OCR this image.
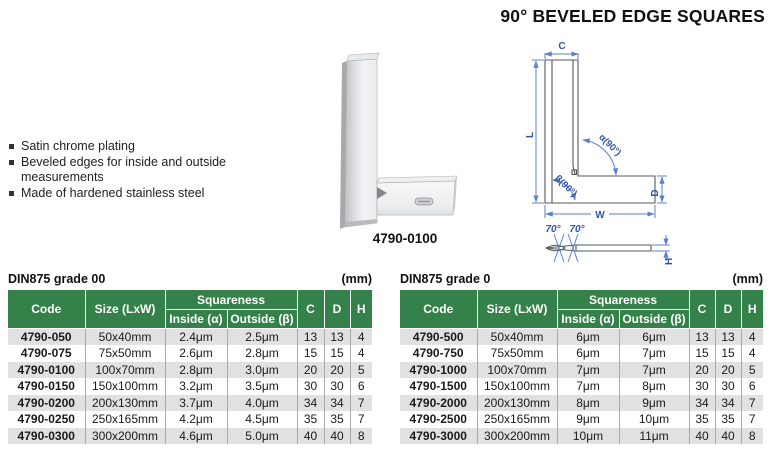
90° BEVELED EDGE SQUARES
Satin chrome plating
Beveled edges for inside and outside measurements
Made of hardened stainless steel
4790-0100
C
L
W
D
α(90°)
β(90°)
70° 70°
H
DIN875 grade 00	(mm)
Code	Size (LxW)	Squareness		C	D	H
		Inside (α)	Outside (β)			
4790-050	50x40mm	2.4μm	2.5μm	13	13	4
4790-075	75x50mm	2.6μm	2.8μm	15	15	4
4790-0100	100x70mm	2.8μm	3.0μm	20	20	5
4790-0150	150x100mm	3.2μm	3.5μm	30	30	6
4790-0200	200x130mm	3.7μm	4.0μm	34	34	7
4790-0250	250x165mm	4.2μm	4.5μm	35	35	7
4790-0300	300x200mm	4.6μm	5.0μm	40	40	8
DIN875 grade 0	(mm)
Code	Size (LxW)	Squareness		C	D	H
		Inside (α)	Outside (β)			
4790-500	50x40mm	6μm	6μm	13	13	4
4790-750	75x50mm	6μm	7μm	15	15	4
4790-1000	100x70mm	7μm	7μm	20	20	5
4790-1500	150x100mm	7μm	8μm	30	30	6
4790-2000	200x130mm	8μm	9μm	34	34	7
4790-2500	250x165mm	9μm	10μm	35	35	7
4790-3000	300x200mm	10μm	11μm	40	40	8
